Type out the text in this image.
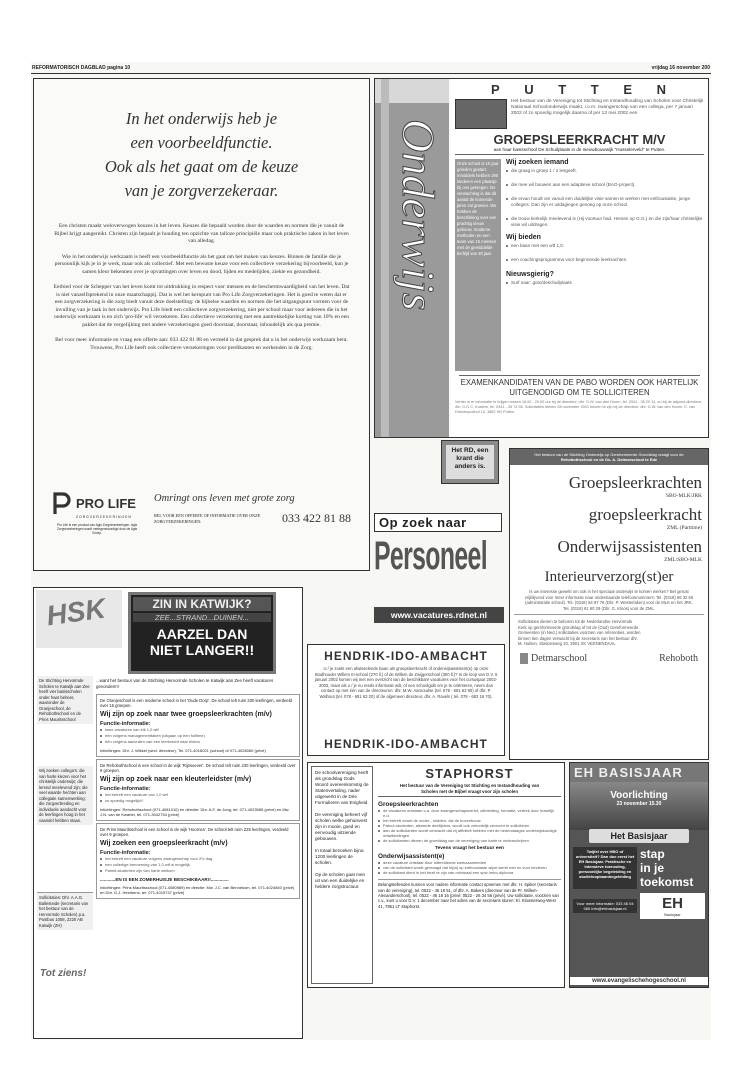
REFORMATORISCH DAGBLAD pagina 10	vrijdag 16 november 200
In het onderwijs heb je
een voorbeeldfunctie.
Ook als het gaat om de keuze
van je zorgverzekeraar.

Een christen maakt weloverwogen keuzes in het leven. Keuzes die bepaald worden door de waarden en normen die je vanuit de Bijbel krijgt aangereikt. Christen zijn bepaalt je houding ten opzichte van talloze principiële maar ook praktische zaken in het leven van alledag.

Wie in het onderwijs werkzaam is heeft een voorbeeldfunctie als het gaat om het maken van keuzes. Binnen de familie die je persoonlijk kijk je in je werk, maar ook als collectief. Met een bewuste keuze voor een collectieve verzekering bijvoorbeeld, kun je samen kleur bekennen over je opvattingen over leven en dood, lijden en medelijden, ziekte en gezondheid.

Eerbied voor de Schepper van het leven komt tot uitdrukking in respect voor mensen en de beschermwaardigheid van het leven. Dat is niet vanzelfsprekend in onze maatschappij. Dat is wel het kernpunt van Pro Life Zorgverzekeringen. Het is goed te weten dat er een zorgverzekering is die zorg biedt vanuit deze doelstelling: de bijbelse waarden en normen die het uitgangspunt vormen voor de invulling van je taak in het onderwijs. Pro Life biedt een collectieve zorgverzekering, niet per school maar voor iedereen die in het onderwijs werkzaam is en zich 'pro-life' wil verzekeren. Een collectieve verzekering met een aantrekkelijke korting van 10% en een pakket dat de vergelijking met andere verzekeringen goed doorstaat, doorstaat, inhoudelijk als qua premie.

Bel voor meer informatie en vraag een offerte aan: 033 422 81 88 en vermeld in dat gesprek dat u in het onderwijs werkzaam bent. Trouwens, Pro Life heeft ook collectieve verzekeringen voor predikanten en werkenden in de Zorg.

PRO LIFE
ZORGVERZEKERINGEN
Pro Life is een product van Agis Zorgverzekeringen. Agis Zorgverzekeringen wordt vertegenwoordigd door de Agis Groep.
Omringt ons leven met grote zorg
BEL VOOR EEN OFFERTE OF INFORMATIE OVER ONZE ZORGVERZEKERINGEN:	033 422 81 88
Onderwijs
P U T T E N
Het bestuur van de Vereniging tot Stichting en Instandhouding van Scholen voor Christelijk Nationaal Schoolonderwijs maakt, i.o.m. zwangerschap van een collega, per 7 januari 2002 of zo spoedig mogelijk daarna of per 13 mei 2002 een
GROEPSLEERKRACHT M/V
aan haar basisschool De Schuilplaats in de nieuwbouwwijk "Husselerveld" te Putten.
Onze school is 10 jaar geleden gestart. Inmiddels hebben 290 kinderen een plaatsje bij ons gekregen. De verwachting is dat dit aantal de komende jaren zal groeien. We hebben de beschikking over een prachtig nieuw gebouw, moderne methoden en een team van 15 mensen met de gemiddelde leeftijd van 30 jaar.
Wij zoeken iemand
die graag in groep 1 / 2 lesgeeft.
die mee wil bouwen aan een adaptieve school (BAO-project).
die ervan houdt om vanuit een duidelijke visie samen te werken met enthousiaste, jonge collega's. Dan zijn er uitdagingen genoeg op onze school.
die trouw kerkelijk meelevend is (Hij voortuur had. Hersen op G.G.) en die zijn/haar christelijke visie wil uitdragen.
Wij bieden
een baan met een wtf 1,0.
een coachingsprogramma voor beginnende leerkrachten.
Nieuwsgierig?
Surf naar: goto/deschuilplaats
EXAMENKANDIDATEN VAN DE PABO WORDEN OOK HARTELIJK UITGENODIGD OM TE SOLLICITEREN
Verder is er informatie te krijgen tussen 18.00 - 20.00 uur bij de directeur, dhr. G.W. van den Hoorn, tel. 0341 - 35 20 12, en bij de adjunct-directeur, dhr. D.G.C. Kusters, tel. 0341 - 35 74 56. Sollicitaties dienen 28 november 2001 binnen te zijn bij de directeur, dhr. G.W. van den Hoorn, E. van Driesenpudhof 10, 3862 HD Putten.
Het RD, een krant die anders is.
Op zoek naar
Personeel
www.vacatures.rdnet.nl
Het bestuur van de Stichting Onderwijs op Gereformeerde Grondslag vraagt voor de
Rehobothschool en de Ds. A. Detmarschool te Ede
Groepsleerkrachten
SBO-MLK\JRK
groepsleerkracht
ZML (Parttime)
Onderwijsassistenten
ZML\SBO-MLK
Interieurverzorg(st)er
Is uw interesse gewekt om ook in het speciaal onderwijs te komen werken? Bel gerust vrijblijvend voor meer informatie naar onderstaande telefoonnummers: Tel. (0318) 66 32 66 (administratie school). Tel. (0318) 54 97 75 (Dhr. P. Westerlaken) voor de MLK en het JRK. Tel. (0318) 61 60 29 (Dhr. G. Kloos) voor de ZML.
Sollicitaties dienen te behoren tot de Nederlandse Hervormde Kerk op gereformeerde grondslag of tot de (Oud) Gereformeerde Gemeenten (in Ned.) sollicitaties voorzien van referenties, worden binnen tien dagen verwacht bij de secretaris van het bestuur dhr. M. Hulsen, Stationsweg 10, 3901 XK VEENENDAAL
Detmarschool	Rehoboth
HSK	ZIN IN KATWIJK?
ZEE...STRAND...DUINEN...
AARZEL DAN
NIET LANGER!!
De Stichting Hervormde Scholen te Katwijk aan Zee heeft vier basisscholen onder haar beheer, waaronder de Oranjeschool, de Rehobothschool en de Prins Mauritsschool
Wij zoeken collega's: die van harte kiezen voor het christelijk onderwijs; die lerend meelevend zijn; die veel waarde hechten aan collegiale samenwerking; die zorgverbreding en individuele aandacht voor de leerlingen hoog in het vaandel hebben staan.
Sollicitaties: Dhr. A.A.G. Ballesteide (secretaris van het bestuur van de Hervormde Scholen) p.a. Postbus 1058, 2220 AB Katwijk (ZH)
Tot ziens!
...want het bestuur van de Stichting Hervormde Scholen te Katwijk aan Zee heeft vacatures gevonden!!!
De Oranjeschool is een moderne school in het 'Oude Dorp'. De school telt ruim 330 leerlingen, verdeeld over 15 groepen.
Wij zijn op zoek naar twee groepsleerkrachten (m/v)
Functie-informatie:
twee vacatures van elk 1,0 wtf
één volgens managementtaken (uitgaan op een fulltime)
één volgens aanvullen van een leerkracht naar elders
Inlichtingen: Dhr. J. Wikkel (wnd. directeur), Tel. 071-4016021 (school) of 071-4026060 (privé)
De Rehobothschool is een school in de wijk 'Rijnsoever'. De school telt ruim 230 leerlingen, verdeeld over 9 groepen.
Wij zijn op zoek naar een kleuterleidster (m/v)
Functie-informatie:
het betreft een vacature van 1,0 wtf
zo spoedig mogelijk!!!
Inlichtingen: Rehobothschool (071-4081010) en directie: Dhr. A.F. de Jong, tel. 071-4023585 (privé) en Mw. J.N. van de Kwartel, tel. 071-3042754 (privé)
De Prins Mauritsschool is een school in de wijk 'Hoornes'. De school telt ruim 225 leerlingen, verdeeld over 9 groepen.
Wij zoeken een groepsleerkracht (m/v)
Functie-informatie:
het betreft een vacature volgens zwangerschap voor 2½ dag
een volledige benoeming van 1,0 wtf is mogelijk
Palmit-studenten zijn van harte welkom
............EN IS EEN ZOMERHUISJE BESCHIKBAAR!!..............
Inlichtingen: Prins Mauritsschool (071-4080989) en directie: Mw. J.C. van Bennekom, tel. 071-4024840 (privé) en Dhr. G.J. Heerkens, tel. 071-4015737 (privé)
HENDRIK-IDO-AMBACHT
U / je zoekt een afwisselende baan als groepsleerkracht of onderwijsassistent(e) op onze Stadhouder Willem III-school (270 ll.) of de Willem de Zwijgerschool (300 ll.)? In de loop van D.V. 5 januari 2002 komen wij met een overzicht van de beschikbare vacatures voor het cursusjaar 2002-2003, maar als u / je nu reeds informatie wilt, of een schoolgids om je te oriënteren, neem dan contact op met één van de directeuren: dhr. M.W. Aarnoudse (tel. 078 - 681 63 90) of dhr. P. Walhout (tel. 078 - 681 63 20) of de algemeen directeur, dhr. A. Ravels ( tel. 078 - 682 16 70).
HENDRIK-IDO-AMBACHT
De schoolvereniging heeft als grondslag Gods Woord overeenkomstig de Statenvertaling, nader uitgewerkt in de Drie Formulieren van Enigheid.
De vereniging beheert vijf scholen welke gehuisvest zijn in mooie, goed en eenvoudig uitziende gebouwen.
In totaal bezoeken bijna 1200 leerlingen de scholen.
Op de scholen gaat men uit van een duidelijke en heldere zorgstructuur.
STAPHORST
Het bestuur van de Vereniging tot Stichting en Instandhouding van Scholen met de Bijbel vraagt voor zijn scholen
Groepsleerkrachten
de vacatures ontstaan o.a. door zwangerschapsverlof, uitbreiding, formatie, vertrek door huwelijk e.d.
het betreft zowel de onder-, midden- als de bovenbouw
Pabo4-studenten, alsmede deeltijders, wordt ook vriendelijk verzocht te solliciteren
aan de sollicitanten wordt verwacht dat zij affiniteit hebben met de hedendaagse onderwijskundige ontwikkelingen
de sollicitanten dienen de grondslag van de vereniging van harte te onderschrijven
Tevens vraagt het bestuur een
Onderwijsassistent(e)
deze vacature ontstaat door uitbreidende werkzaamheden
van de sollicitant wordt gevraagd dat hij/zij op enthousiaste wijze werkt met en voor kinderen
de sollicitant dient in het bezit te zijn van minimaal een spw-/mbo-diploma
Belangstellenden kunnen voor nadere informatie contact opnemen met dhr. H. Spiker (secretaris van de vereniging), tel. 0522 - 46 18 51, of dhr. A. Bakers (directeur van de Pr. Willem-Alexanderschool), tel. 0522 - 46 18 16 (privé: 0522 - 26 34 56 (privé). Uw sollicitatie, voorzien van c.v., kunt u voor D.V. 1 december naar het adres van de secretaris sturen: Kl. Kloosterweg-West 41, 7951 LT Staphorst.
EH BASISJAAR
Voorlichting
23 november 15.30
Het Basisjaar
Twijfel over HBO of universiteit? Dan doe eerst het EH Basisjaar. Praktische en intensieve toerusting, persoonlijke begeleiding en studieloopbaanbegeleiding
stap
in je
toekomst
Voor meer informatie: 033 46 04 060 info@ehbasisjaar.nl	EH
Basisjaar
www.evangelischehogeschool.nl
